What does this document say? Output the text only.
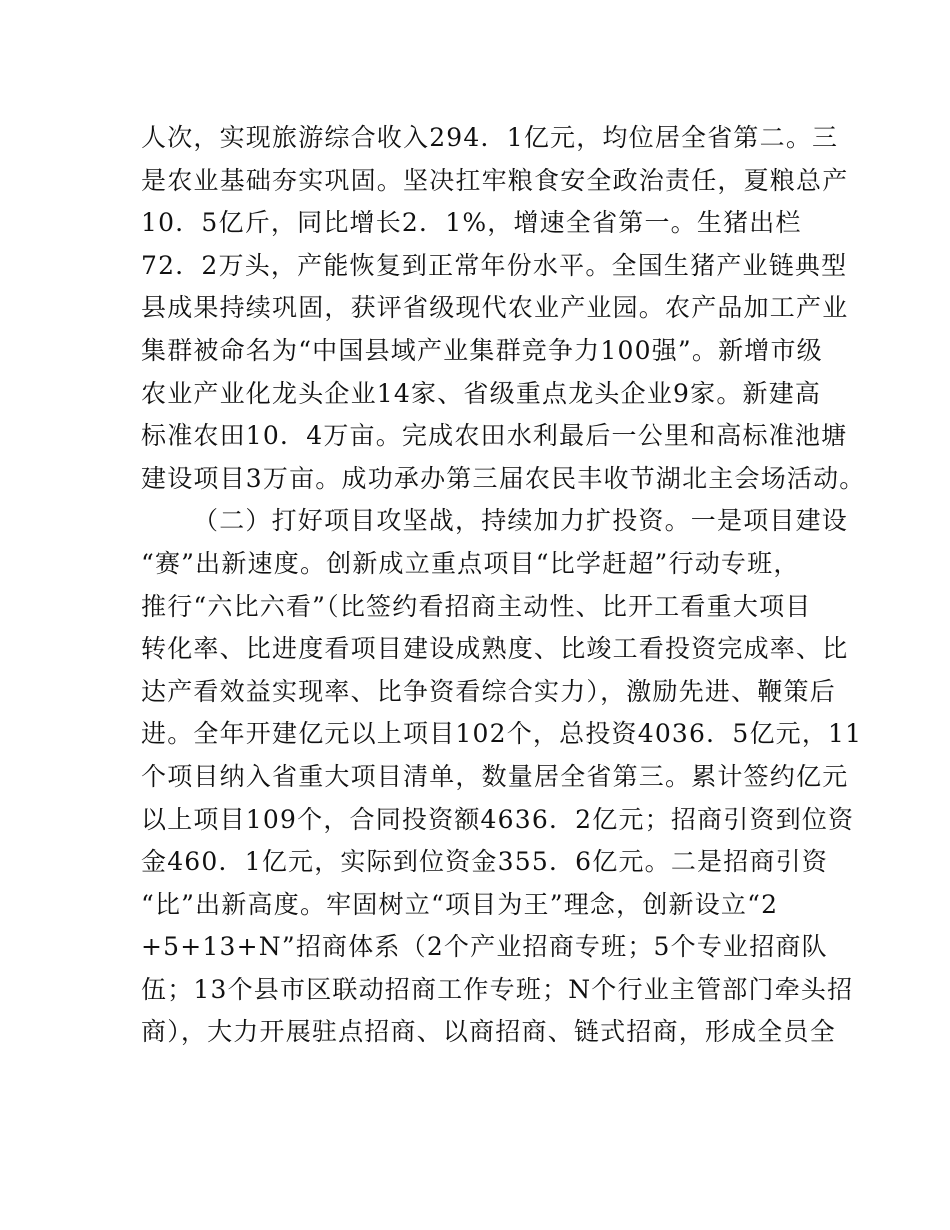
人次，实现旅游综合收入294．1亿元，均位居全省第二。三
是农业基础夯实巩固。坚决扛牢粮食安全政治责任，夏粮总产
10．5亿斤，同比增长2．1%，增速全省第一。生猪出栏
72．2万头，产能恢复到正常年份水平。全国生猪产业链典型
县成果持续巩固，获评省级现代农业产业园。农产品加工产业
集群被命名为“中国县域产业集群竞争力100强”。新增市级
农业产业化龙头企业14家、省级重点龙头企业9家。新建高
标准农田10．4万亩。完成农田水利最后一公里和高标准池塘
建设项目3万亩。成功承办第三届农民丰收节湖北主会场活动。
（二）打好项目攻坚战，持续加力扩投资。一是项目建设
“赛”出新速度。创新成立重点项目“比学赶超”行动专班，
推行“六比六看”（比签约看招商主动性、比开工看重大项目
转化率、比进度看项目建设成熟度、比竣工看投资完成率、比
达产看效益实现率、比争资看综合实力），激励先进、鞭策后
进。全年开建亿元以上项目102个，总投资4036．5亿元，11
个项目纳入省重大项目清单，数量居全省第三。累计签约亿元
以上项目109个，合同投资额4636．2亿元；招商引资到位资
金460．1亿元，实际到位资金355．6亿元。二是招商引资
“比”出新高度。牢固树立“项目为王”理念，创新设立“2
+5+13+N”招商体系（2个产业招商专班；5个专业招商队
伍；13个县市区联动招商工作专班；N个行业主管部门牵头招
商），大力开展驻点招商、以商招商、链式招商，形成全员全
